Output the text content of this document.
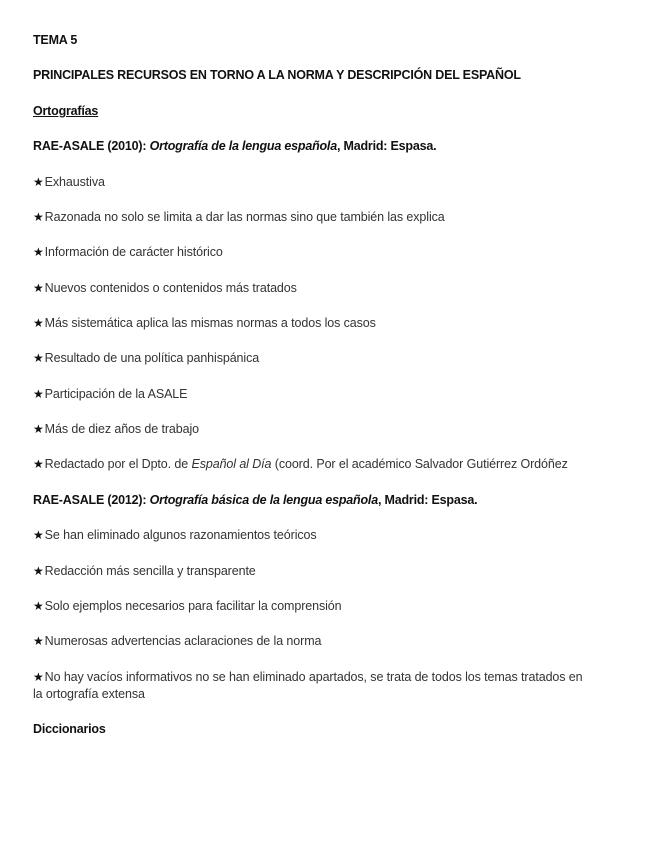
TEMA 5
PRINCIPALES RECURSOS EN TORNO A LA NORMA Y DESCRIPCIÓN DEL ESPAÑOL
Ortografías
RAE-ASALE (2010): Ortografía de la lengua española, Madrid: Espasa.
★Exhaustiva
★Razonada no solo se limita a dar las normas sino que también las explica
★Información de carácter histórico
★Nuevos contenidos o contenidos más tratados
★Más sistemática aplica las mismas normas a todos los casos
★Resultado de una política panhispánica
★Participación de la ASALE
★Más de diez años de trabajo
★Redactado por el Dpto. de Español al Día (coord. Por el académico Salvador Gutiérrez Ordóñez
RAE-ASALE (2012): Ortografía básica de la lengua española, Madrid: Espasa.
★Se han eliminado algunos razonamientos teóricos
★Redacción más sencilla y transparente
★Solo ejemplos necesarios para facilitar la comprensión
★Numerosas advertencias aclaraciones de la norma
★No hay vacíos informativos no se han eliminado apartados, se trata de todos los temas tratados en la ortografía extensa
Diccionarios
